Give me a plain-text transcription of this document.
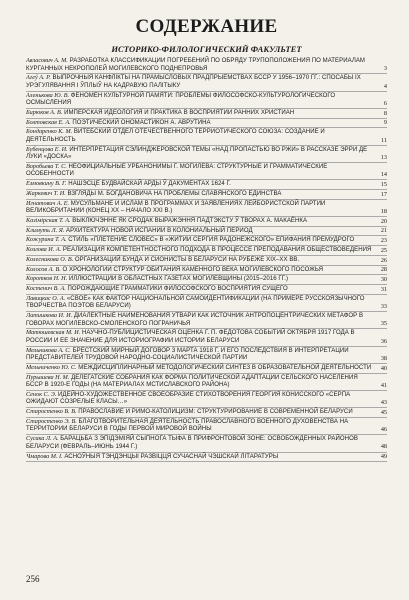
СОДЕРЖАНИЕ
ИСТОРИКО-ФИЛОЛОГИЧЕСКИЙ ФАКУЛЬТЕТ
Авласович А. М. РАЗРАБОТКА КЛАССИФИКАЦИИ ПОГРЕБЕНИЙ ПО ОБРЯДУ ТРУПОПОЛОЖЕНИЯ ПО МАТЕРИАЛАМ КУРГАННЫХ НЕКРОПОЛЕЙ МОГИЛЕВСКОГО ПОДНЕПРОВЬЯ	3
Агеў А. Р. ВЫПРОЧНЫЯ КАНФЛІКТЫ НА ПРАМЫСЛОВЫХ ПРАДПРЫЕМСТВАХ БССР У 1956–1970 ГГ.: СПОСАБЫ ІХ УРЭГУЛЯВАННЯ І ЎПЛЫЎ НА КАДРАВУЮ ПАЛІТЫКУ	4
Аленькова Ю. В. ФЕНОМЕН КУЛЬТУРНОЙ ПАМЯТИ: ПРОБЛЕМЫ ФИЛОСОФСКО-КУЛЬТУРОЛОГИЧЕСКОГО ОСМЫСЛЕНИЯ	6
Бирюков А. В. ИМПЕРСКАЯ ИДЕОЛОГИЯ И ПРАКТИКА В ВОСПРИЯТИИ РАННИХ ХРИСТИАН	8
Болтовская Е. А. ПОЭТИЧЕСКИЙ ОНОМАСТИКОН А. АВРУТИНА	9
Бондаренко К. М. ВИТЕБСКИЙ ОТДЕЛ ОТЕЧЕСТВЕННОГО ТЕРРИОТИЧЕСКОГО СОЮЗА: СОЗДАНИЕ И ДЕЯТЕЛЬНОСТЬ	11
Бубенцова Е. И. ИНТЕРПРЕТАЦИЯ СЭЛИНДЖЕРОВСКОЙ ТЕМЫ «НАД ПРОПАСТЬЮ ВО РЖИ» В РАССКАЗЕ ЭРРИ ДЕ ЛУКИ «ДОСКА»	13
Воробьева Т. С. НЕОФИЦИАЛЬНЫЕ УРБАНОНИМЫ Г. МОГИЛЕВА: СТРУКТУРНЫЕ И ГРАММАТИЧЕСКИЕ ОСОБЕННОСТИ	14
Езмовкину В. Г. НАШЭСЦЕ БУДВАЙСКАЙ АРДЫ Ў ДАКУМЕНТАХ 1624 Г.	15
Жаркевич Т. И. ВЗГЛЯДЫ М. БОГДАНОВИЧА НА ПРОБЛЕМЫ СЛАВЯНСКОГО ЕДИНСТВА	17
Игнатович А. Е. МУСУЛЬМАНЕ И ИСЛАМ В ПРОГРАММАХ И ЗАЯВЛЕНИЯХ ЛЕЙБОРИСТСКОЙ ПАРТИИ ВЕЛИКОБРИТАНИИ (КОНЕЦ XX – НАЧАЛО XXI В.)	18
Казімірская Т. А. ВЫКЛЮЧЭННЕ ЯК СРОДАК ВЫРАЖЭННЯ ПАДТЭКСТУ Ў ТВОРАХ А. МАКАЁНКА	20
Климуть Л. Я. АРХИТЕКТУРА НОВОЙ ИСПАНИИ В КОЛОНИАЛЬНЫЙ ПЕРИОД	21
Кожурина Т. А. СТИЛЬ «ПЛЕТЕНИЕ СЛОВЕС» В «ЖИТИИ СЕРГИЯ РАДОНЕЖСКОГО» ЕПИФАНИЯ ПРЕМУДРОГО	23
Козлова И. А. РЕАЛИЗАЦИЯ КОМПЕТЕНТНОСТНОГО ПОДХОДА В ПРОЦЕССЕ ПРЕПОДАВАНИЯ ОБЩЕСТВОВЕДЕНИЯ 25
Колесникова О. В. ОРГАНИЗАЦИЙ БУНДА И СИОНИСТЫ В БЕЛАРУСИ НА РУБЕЖЕ XIX–XX ВВ.	26
Колосов А. В. О ХРОНОЛОГИИ СТРУКТУР ОБИТАНИЯ КАМЕННОГО ВЕКА МОГИЛЕВСКОГО ПОСОЖЬЯ	28
Коротков Н. Н. ИЛЛЮСТРАЦИИ В ОБЛАСТНЫХ ГАЗЕТАХ МОГИЛЕВЩИНЫ (2015–2016 ГГ.)	30
Костенич В. А. ПОРОЖДАЮЩИЕ ГРАММАТИКИ ФИЛОСОФСКОГО ВОСПРИЯТИЯ СУЩЕГО	31
Лавицкас О. А. «СВОЕ» КАК ФАКТОР НАЦИОНАЛЬНОЙ САМОИДЕНТИФИКАЦИИ (НА ПРИМЕРЕ РУССКОЯЗЫЧНОГО ТВОРЧЕСТВА ПОЭТОВ БЕЛАРУСИ)	33
Латишкова И. И. ДИАЛЕКТНЫЕ НАИМЕНОВАНИЯ УТВАРИ КАК ИСТОЧНИК АНТРОПОЦЕНТРИЧЕСКИХ МЕТАФОР В ГОВОРАХ МОГИЛЕВСКО-СМОЛЕНСКОГО ПОГРАНИЧЬЯ	35
Матюшевская М. И. НАУЧНО-ПУБЛИЦИСТИЧЕСКАЯ ОЦЕНКА Г. П. ФЕДОТОВА СОБЫТИЙ ОКТЯБРЯ 1917 ГОДА В РОССИИ И ЕЕ ЗНАЧЕНИЕ ДЛЯ ИСТОРИОГРАФИИ ИСТОРИИ БЕЛАРУСИ	36
Мельникова А. С. БРЕСТСКИЙ МИРНЫЙ ДОГОВОР 3 МАРТА 1918 Г. И ЕГО ПОСЛЕДСТВИЯ В ИНТЕРПРЕТАЦИИ ПРЕДСТАВИТЕЛЕЙ ТРУДОВОЙ НАРОДНО-СОЦИАЛИСТИЧЕСКОЙ ПАРТИИ	38
Мельниченко Ю. С. МЕЖДИСЦИПЛИНАРНЫЙ МЕТОДОЛОГИЧЕСКИЙ СИНТЕЗ В ОБРАЗОВАТЕЛЬНОЙ ДЕЯТЕЛЬНОСТИ 40
Пурышева Н. М. ДЕЛЕГАТСКИЕ СОБРАНИЯ КАК ФОРМА ПОЛИТИЧЕСКОЙ АДАПТАЦИИ СЕЛЬСКОГО НАСЕЛЕНИЯ БССР В 1920-Е ГОДЫ (НА МАТЕРИАЛАХ МСТИСЛАВСКОГО РАЙОНА)	41
Сенок С. Э. ИДЕЙНО-ХУДОЖЕСТВЕННОЕ СВОЕОБРАЗИЕ СТИХОТВОРЕНИЯ ГЕОРГИЯ КОНИССКОГО «СЕРПА ОЖИДАЮТ СОЗРЕЛЫЕ КЛАСЫ…»	43
Старостенко В. В. ПРАВОСЛАВИЕ И РИМО-КАТОЛИЦИЗМ: СТРУКТУРИРОВАНИЕ В СОВРЕМЕННОЙ БЕЛАРУСИ	45
Старостенко Э. В. БЛАГОТВОРИТЕЛЬНАЯ ДЕЯТЕЛЬНОСТЬ ПРАВОСЛАВНОГО ВОЕННОГО ДУХОВЕНСТВА НА ТЕРРИТОРИИ БЕЛАРУСИ В ГОДЫ ПЕРВОЙ МИРОВОЙ ВОЙНЫ	46
Сусака Л. А. БАРАЦЬБА З ЭПІДЭМІЯЙ СЫПНОГА ТЫФА В ПРИФРОНТОВОЙ ЗОНЕ: ОСВОБОЖДЕННЫХ РАЙОНОВ БЕЛАРУСИ (ФЕВРАЛЬ–ИЮНЬ 1944 Г.)	48
Чмарова М. I. АСНОЎНЫЯ ТЭНДЭНЦЫІ РАЗВІЦЦЯ СУЧАСНАЙ ЧЭШСКАЙ ЛІТАРАТУРЫ	49
256
